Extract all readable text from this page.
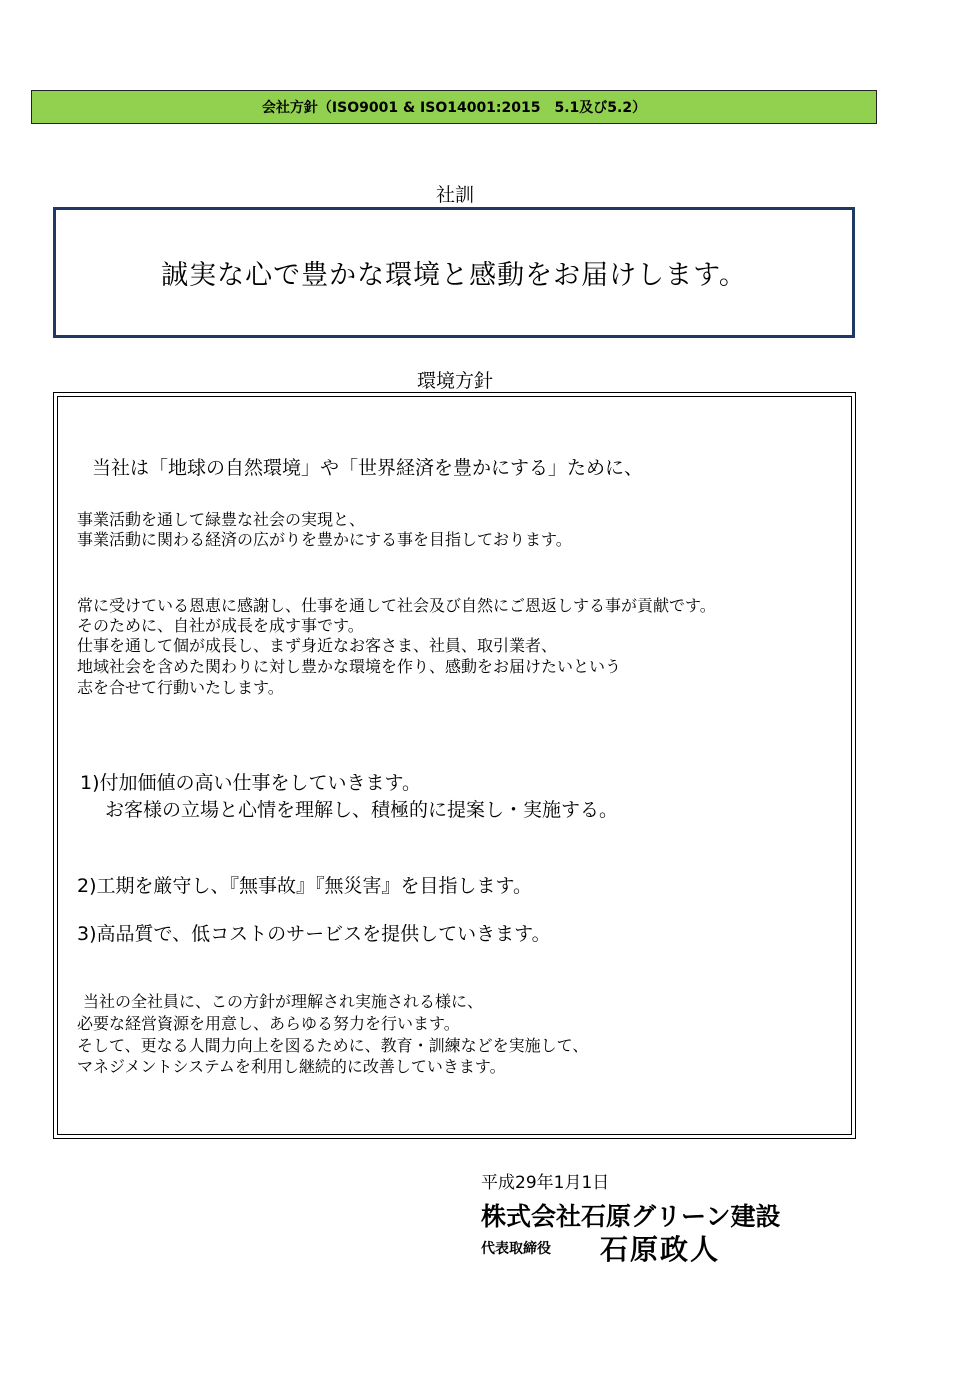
会社方針（ISO9001 & ISO14001:2015　5.1及び5.2）
社訓
誠実な心で豊かな環境と感動をお届けします。
環境方針
当社は「地球の自然環境」や「世界経済を豊かにする」ために、
事業活動を通して緑豊な社会の実現と、
事業活動に関わる経済の広がりを豊かにする事を目指しております。
常に受けている恩恵に感謝し、仕事を通して社会及び自然にご恩返しする事が貢献です。
そのために、自社が成長を成す事です。
仕事を通して個が成長し、まず身近なお客さま、社員、取引業者、
地域社会を含めた関わりに対し豊かな環境を作り、感動をお届けたいという
志を合せて行動いたします。
1)付加価値の高い仕事をしていきます。
お客様の立場と心情を理解し、積極的に提案し・実施する。
2)工期を厳守し、『無事故』『無災害』を目指します。
3)高品質で、低コストのサービスを提供していきます。
当社の全社員に、この方針が理解され実施される様に、
必要な経営資源を用意し、あらゆる努力を行います。
そして、更なる人間力向上を図るために、教育・訓練などを実施して、
マネジメントシステムを利用し継続的に改善していきます。
平成29年1月1日
株式会社石原グリーン建設
代表取締役 石原政人
